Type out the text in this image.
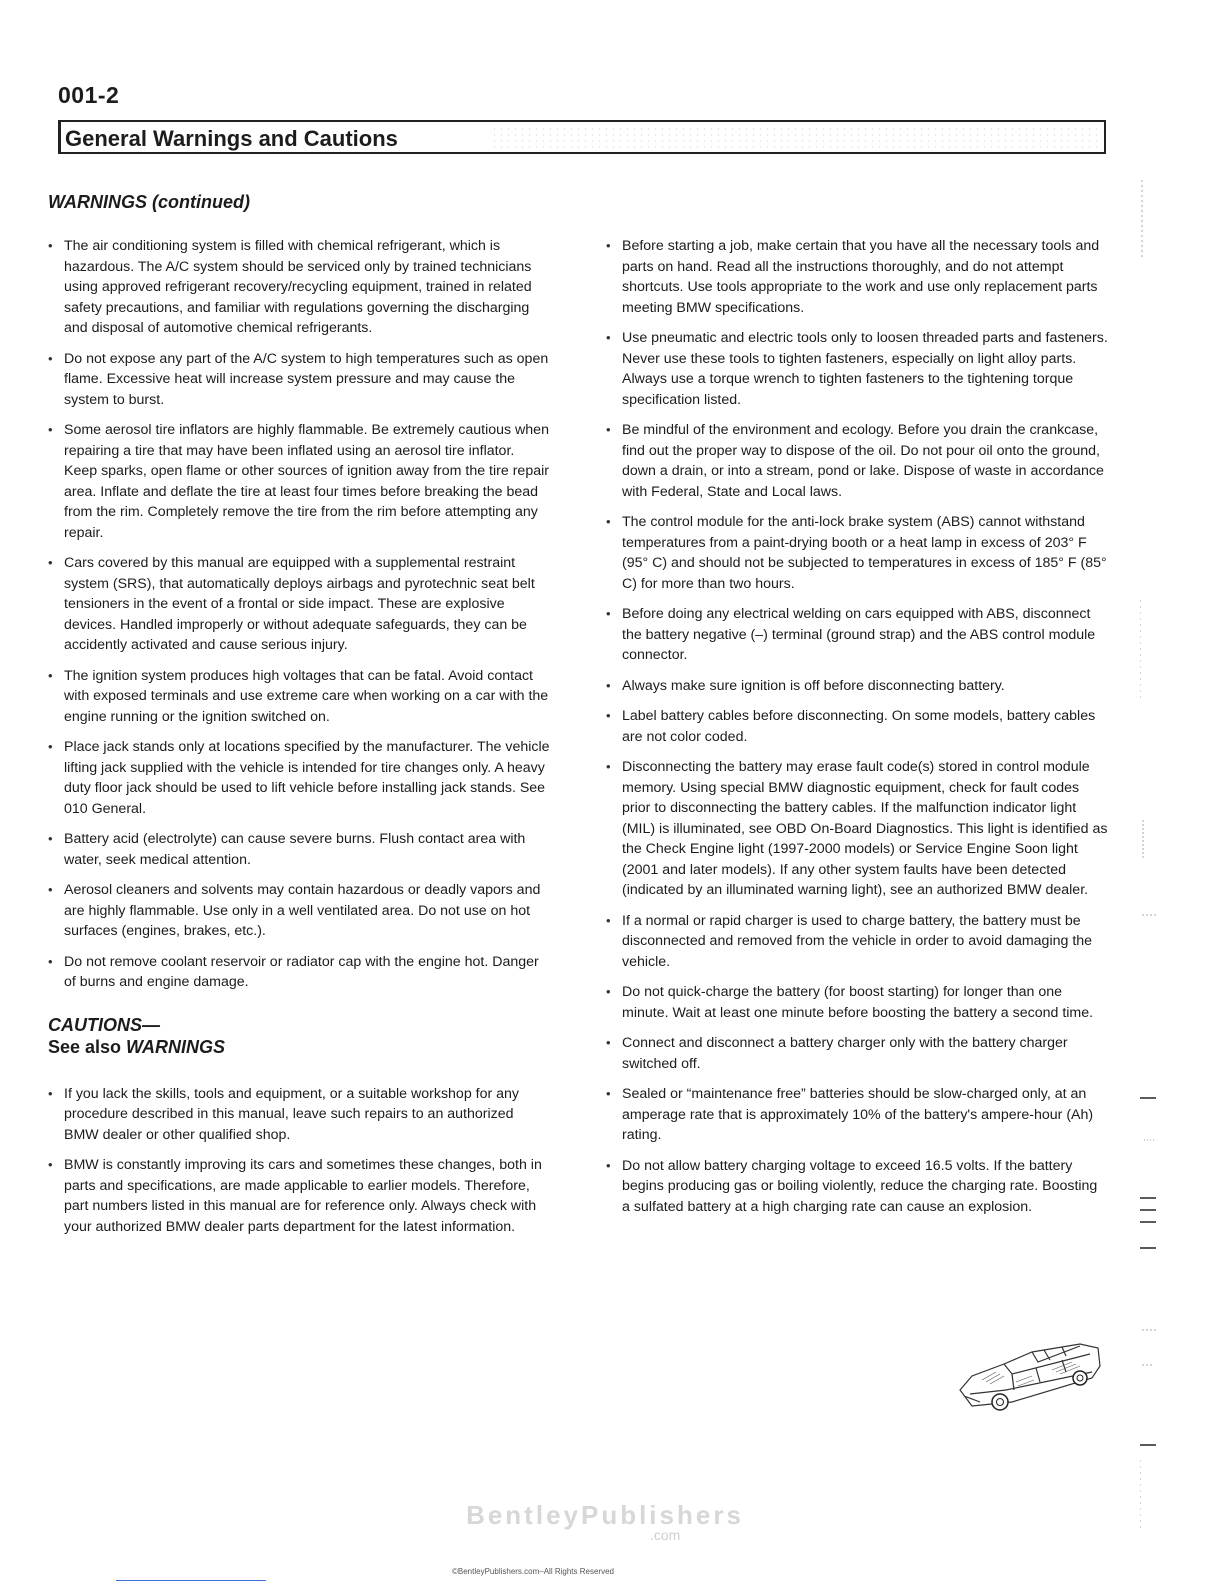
001-2
General Warnings and Cautions
WARNINGS (continued)

• The air conditioning system is filled with chemical refrigerant, which is hazardous. The A/C system should be serviced only by trained technicians using approved refrigerant recovery/recycling equipment, trained in related safety precautions, and familiar with regulations governing the discharging and disposal of automotive chemical refrigerants.

• Do not expose any part of the A/C system to high temperatures such as open flame. Excessive heat will increase system pressure and may cause the system to burst.

• Some aerosol tire inflators are highly flammable. Be extremely cautious when repairing a tire that may have been inflated using an aerosol tire inflator. Keep sparks, open flame or other sources of ignition away from the tire repair area. Inflate and deflate the tire at least four times before breaking the bead from the rim. Completely remove the tire from the rim before attempting any repair.

• Cars covered by this manual are equipped with a supplemental restraint system (SRS), that automatically deploys airbags and pyrotechnic seat belt tensioners in the event of a frontal or side impact. These are explosive devices. Handled improperly or without adequate safeguards, they can be accidently activated and cause serious injury.

• The ignition system produces high voltages that can be fatal. Avoid contact with exposed terminals and use extreme care when working on a car with the engine running or the ignition switched on.

• Place jack stands only at locations specified by the manufacturer. The vehicle lifting jack supplied with the vehicle is intended for tire changes only. A heavy duty floor jack should be used to lift vehicle before installing jack stands. See 010 General.

• Battery acid (electrolyte) can cause severe burns. Flush contact area with water, seek medical attention.

• Aerosol cleaners and solvents may contain hazardous or deadly vapors and are highly flammable. Use only in a well ventilated area. Do not use on hot surfaces (engines, brakes, etc.).

• Do not remove coolant reservoir or radiator cap with the engine hot. Danger of burns and engine damage.

CAUTIONS—
See also WARNINGS

• If you lack the skills, tools and equipment, or a suitable workshop for any procedure described in this manual, leave such repairs to an authorized BMW dealer or other qualified shop.

• BMW is constantly improving its cars and sometimes these changes, both in parts and specifications, are made applicable to earlier models. Therefore, part numbers listed in this manual are for reference only. Always check with your authorized BMW dealer parts department for the latest information.

• Before starting a job, make certain that you have all the necessary tools and parts on hand. Read all the instructions thoroughly, and do not attempt shortcuts. Use tools appropriate to the work and use only replacement parts meeting BMW specifications.

• Use pneumatic and electric tools only to loosen threaded parts and fasteners. Never use these tools to tighten fasteners, especially on light alloy parts. Always use a torque wrench to tighten fasteners to the tightening torque specification listed.

• Be mindful of the environment and ecology. Before you drain the crankcase, find out the proper way to dispose of the oil. Do not pour oil onto the ground, down a drain, or into a stream, pond or lake. Dispose of waste in accordance with Federal, State and Local laws.

• The control module for the anti-lock brake system (ABS) cannot withstand temperatures from a paint-drying booth or a heat lamp in excess of 203° F (95° C) and should not be subjected to temperatures in excess of 185° F (85° C) for more than two hours.

• Before doing any electrical welding on cars equipped with ABS, disconnect the battery negative (–) terminal (ground strap) and the ABS control module connector.

• Always make sure ignition is off before disconnecting battery.

• Label battery cables before disconnecting. On some models, battery cables are not color coded.

• Disconnecting the battery may erase fault code(s) stored in control module memory. Using special BMW diagnostic equipment, check for fault codes prior to disconnecting the battery cables. If the malfunction indicator light (MIL) is illuminated, see OBD On-Board Diagnostics. This light is identified as the Check Engine light (1997-2000 models) or Service Engine Soon light (2001 and later models). If any other system faults have been detected (indicated by an illuminated warning light), see an authorized BMW dealer.

• If a normal or rapid charger is used to charge battery, the battery must be disconnected and removed from the vehicle in order to avoid damaging the vehicle.

• Do not quick-charge the battery (for boost starting) for longer than one minute. Wait at least one minute before boosting the battery a second time.

• Connect and disconnect a battery charger only with the battery charger switched off.

• Sealed or “maintenance free” batteries should be slow-charged only, at an amperage rate that is approximately 10% of the battery's ampere-hour (Ah) rating.

• Do not allow battery charging voltage to exceed 16.5 volts. If the battery begins producing gas or boiling violently, reduce the charging rate. Boosting a sulfated battery at a high charging rate can cause an explosion.

BentleyPublishers
.com
©BentleyPublishers.com–All Rights Reserved
